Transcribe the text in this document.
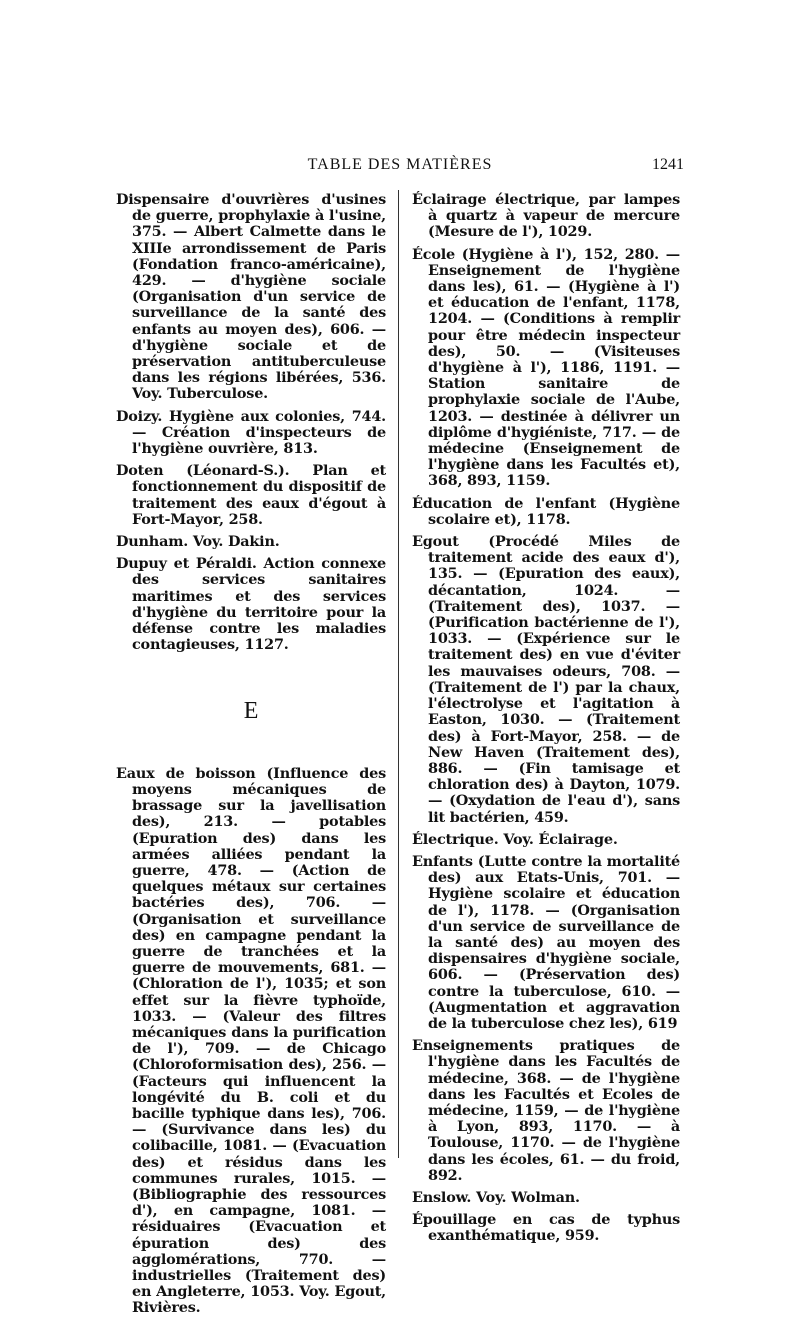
TABLE DES MATIÈRES	1241

Dispensaire d'ouvrières d'usines de guerre, prophylaxie à l'usine, 375. — Albert Calmette dans le XIIIe arrondissement de Paris (Fondation franco-américaine), 429. — d'hygiène sociale (Organisation d'un service de surveillance de la santé des enfants au moyen des), 606. — d'hygiène sociale et de préservation antituberculeuse dans les régions libérées, 536. Voy. Tuberculose.

Doizy. Hygiène aux colonies, 744. — Création d'inspecteurs de l'hygiène ouvrière, 813.

Doten (Léonard-S.). Plan et fonctionnement du dispositif de traitement des eaux d'égout à Fort-Mayor, 258.

Dunham. Voy. Dakin.

Dupuy et Péraldi. Action connexe des services sanitaires maritimes et des services d'hygiène du territoire pour la défense contre les maladies contagieuses, 1127.

E

Eaux de boisson (Influence des moyens mécaniques de brassage sur la javellisation des), 213. — potables (Epuration des) dans les armées alliées pendant la guerre, 478. — (Action de quelques métaux sur certaines bactéries des), 706. — (Organisation et surveillance des) en campagne pendant la guerre de tranchées et la guerre de mouvements, 681. — (Chloration de l'), 1035; et son effet sur la fièvre typhoïde, 1033. — (Valeur des filtres mécaniques dans la purification de l'), 709. — de Chicago (Chloroformisation des), 256. — (Facteurs qui influencent la longévité du B. coli et du bacille typhique dans les), 706. — (Survivance dans les) du colibacille, 1081. — (Evacuation des) et résidus dans les communes rurales, 1015. — (Bibliographie des ressources d'), en campagne, 1081. — résiduaires (Evacuation et épuration des) des agglomérations, 770. — industrielles (Traitement des) en Angleterre, 1053. Voy. Egout, Rivières.

Éclairage électrique, par lampes à quartz à vapeur de mercure (Mesure de l'), 1029.

École (Hygiène à l'), 152, 280. — Enseignement de l'hygiène dans les), 61. — (Hygiène à l') et éducation de l'enfant, 1178, 1204. — (Conditions à remplir pour être médecin inspecteur des), 50. — (Visiteuses d'hygiène à l'), 1186, 1191. — Station sanitaire de prophylaxie sociale de l'Aube, 1203. — destinée à délivrer un diplôme d'hygiéniste, 717. — de médecine (Enseignement de l'hygiène dans les Facultés et), 368, 893, 1159.

Éducation de l'enfant (Hygiène scolaire et), 1178.

Egout (Procédé Miles de traitement acide des eaux d'), 135. — (Epuration des eaux), décantation, 1024. — (Traitement des), 1037. — (Purification bactérienne de l'), 1033. — (Expérience sur le traitement des) en vue d'éviter les mauvaises odeurs, 708. — (Traitement de l') par la chaux, l'électrolyse et l'agitation à Easton, 1030. — (Traitement des) à Fort-Mayor, 258. — de New Haven (Traitement des), 886. — (Fin tamisage et chloration des) à Dayton, 1079. — (Oxydation de l'eau d'), sans lit bactérien, 459.

Électrique. Voy. Éclairage.

Enfants (Lutte contre la mortalité des) aux Etats-Unis, 701. — Hygiène scolaire et éducation de l'), 1178. — (Organisation d'un service de surveillance de la santé des) au moyen des dispensaires d'hygiène sociale, 606. — (Préservation des) contre la tuberculose, 610. — (Augmentation et aggravation de la tuberculose chez les), 619

Enseignements pratiques de l'hygiène dans les Facultés de médecine, 368. — de l'hygiène dans les Facultés et Ecoles de médecine, 1159, — de l'hygiène à Lyon, 893, 1170. — à Toulouse, 1170. — de l'hygiène dans les écoles, 61. — du froid, 892.

Enslow. Voy. Wolman.

Épouillage en cas de typhus exanthématique, 959.
